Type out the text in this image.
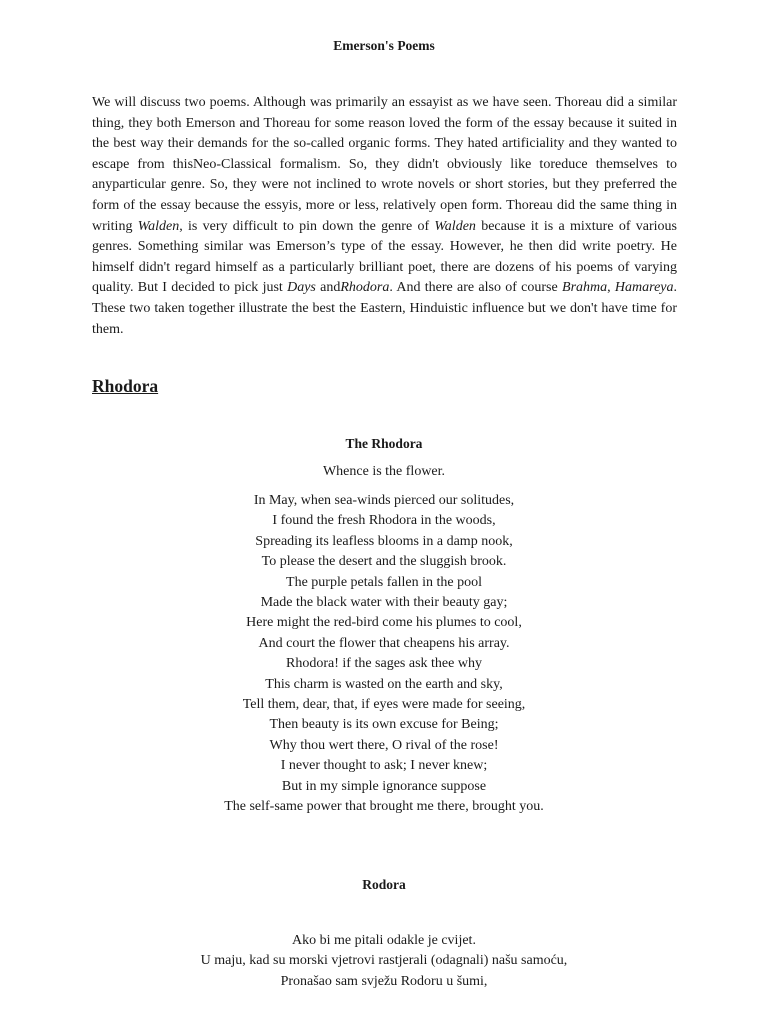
Emerson's Poems

We will discuss two poems. Although was primarily an essayist as we have seen. Thoreau did a similar thing, they both Emerson and Thoreau for some reason loved the form of the essay because it suited in the best way their demands for the so-called organic forms. They hated artificiality and they wanted to escape from thisNeo-Classical formalism. So, they didn't obviously like toreduce themselves to anyparticular genre. So, they were not inclined to wrote novels or short stories, but they preferred the form of the essay because the essyis, more or less, relatively open form. Thoreau did the same thing in writing Walden, is very difficult to pin down the genre of Walden because it is a mixture of various genres. Something similar was Emerson’s type of the essay. However, he then did write poetry. He himself didn't regard himself as a particularly brilliant poet, there are dozens of his poems of varying quality. But I decided to pick just Days andRhodora. And there are also of course Brahma, Hamareya. These two taken together illustrate the best the Eastern, Hinduistic influence but we don't have time for them.

Rhodora
The Rhodora
Whence is the flower.
In May, when sea-winds pierced our solitudes,
I found the fresh Rhodora in the woods,
Spreading its leafless blooms in a damp nook,
To please the desert and the sluggish brook.
The purple petals fallen in the pool
Made the black water with their beauty gay;
Here might the red-bird come his plumes to cool,
And court the flower that cheapens his array.
Rhodora! if the sages ask thee why
This charm is wasted on the earth and sky,
Tell them, dear, that, if eyes were made for seeing,
Then beauty is its own excuse for Being;
Why thou wert there, O rival of the rose!
I never thought to ask; I never knew;
But in my simple ignorance suppose
The self-same power that brought me there, brought you.
Rodora
Ako bi me pitali odakle je cvijet.
U maju, kad su morski vjetrovi rastjerali (odagnali) našu samoću,
Pronašao sam svježu Rodoru u šumi,
